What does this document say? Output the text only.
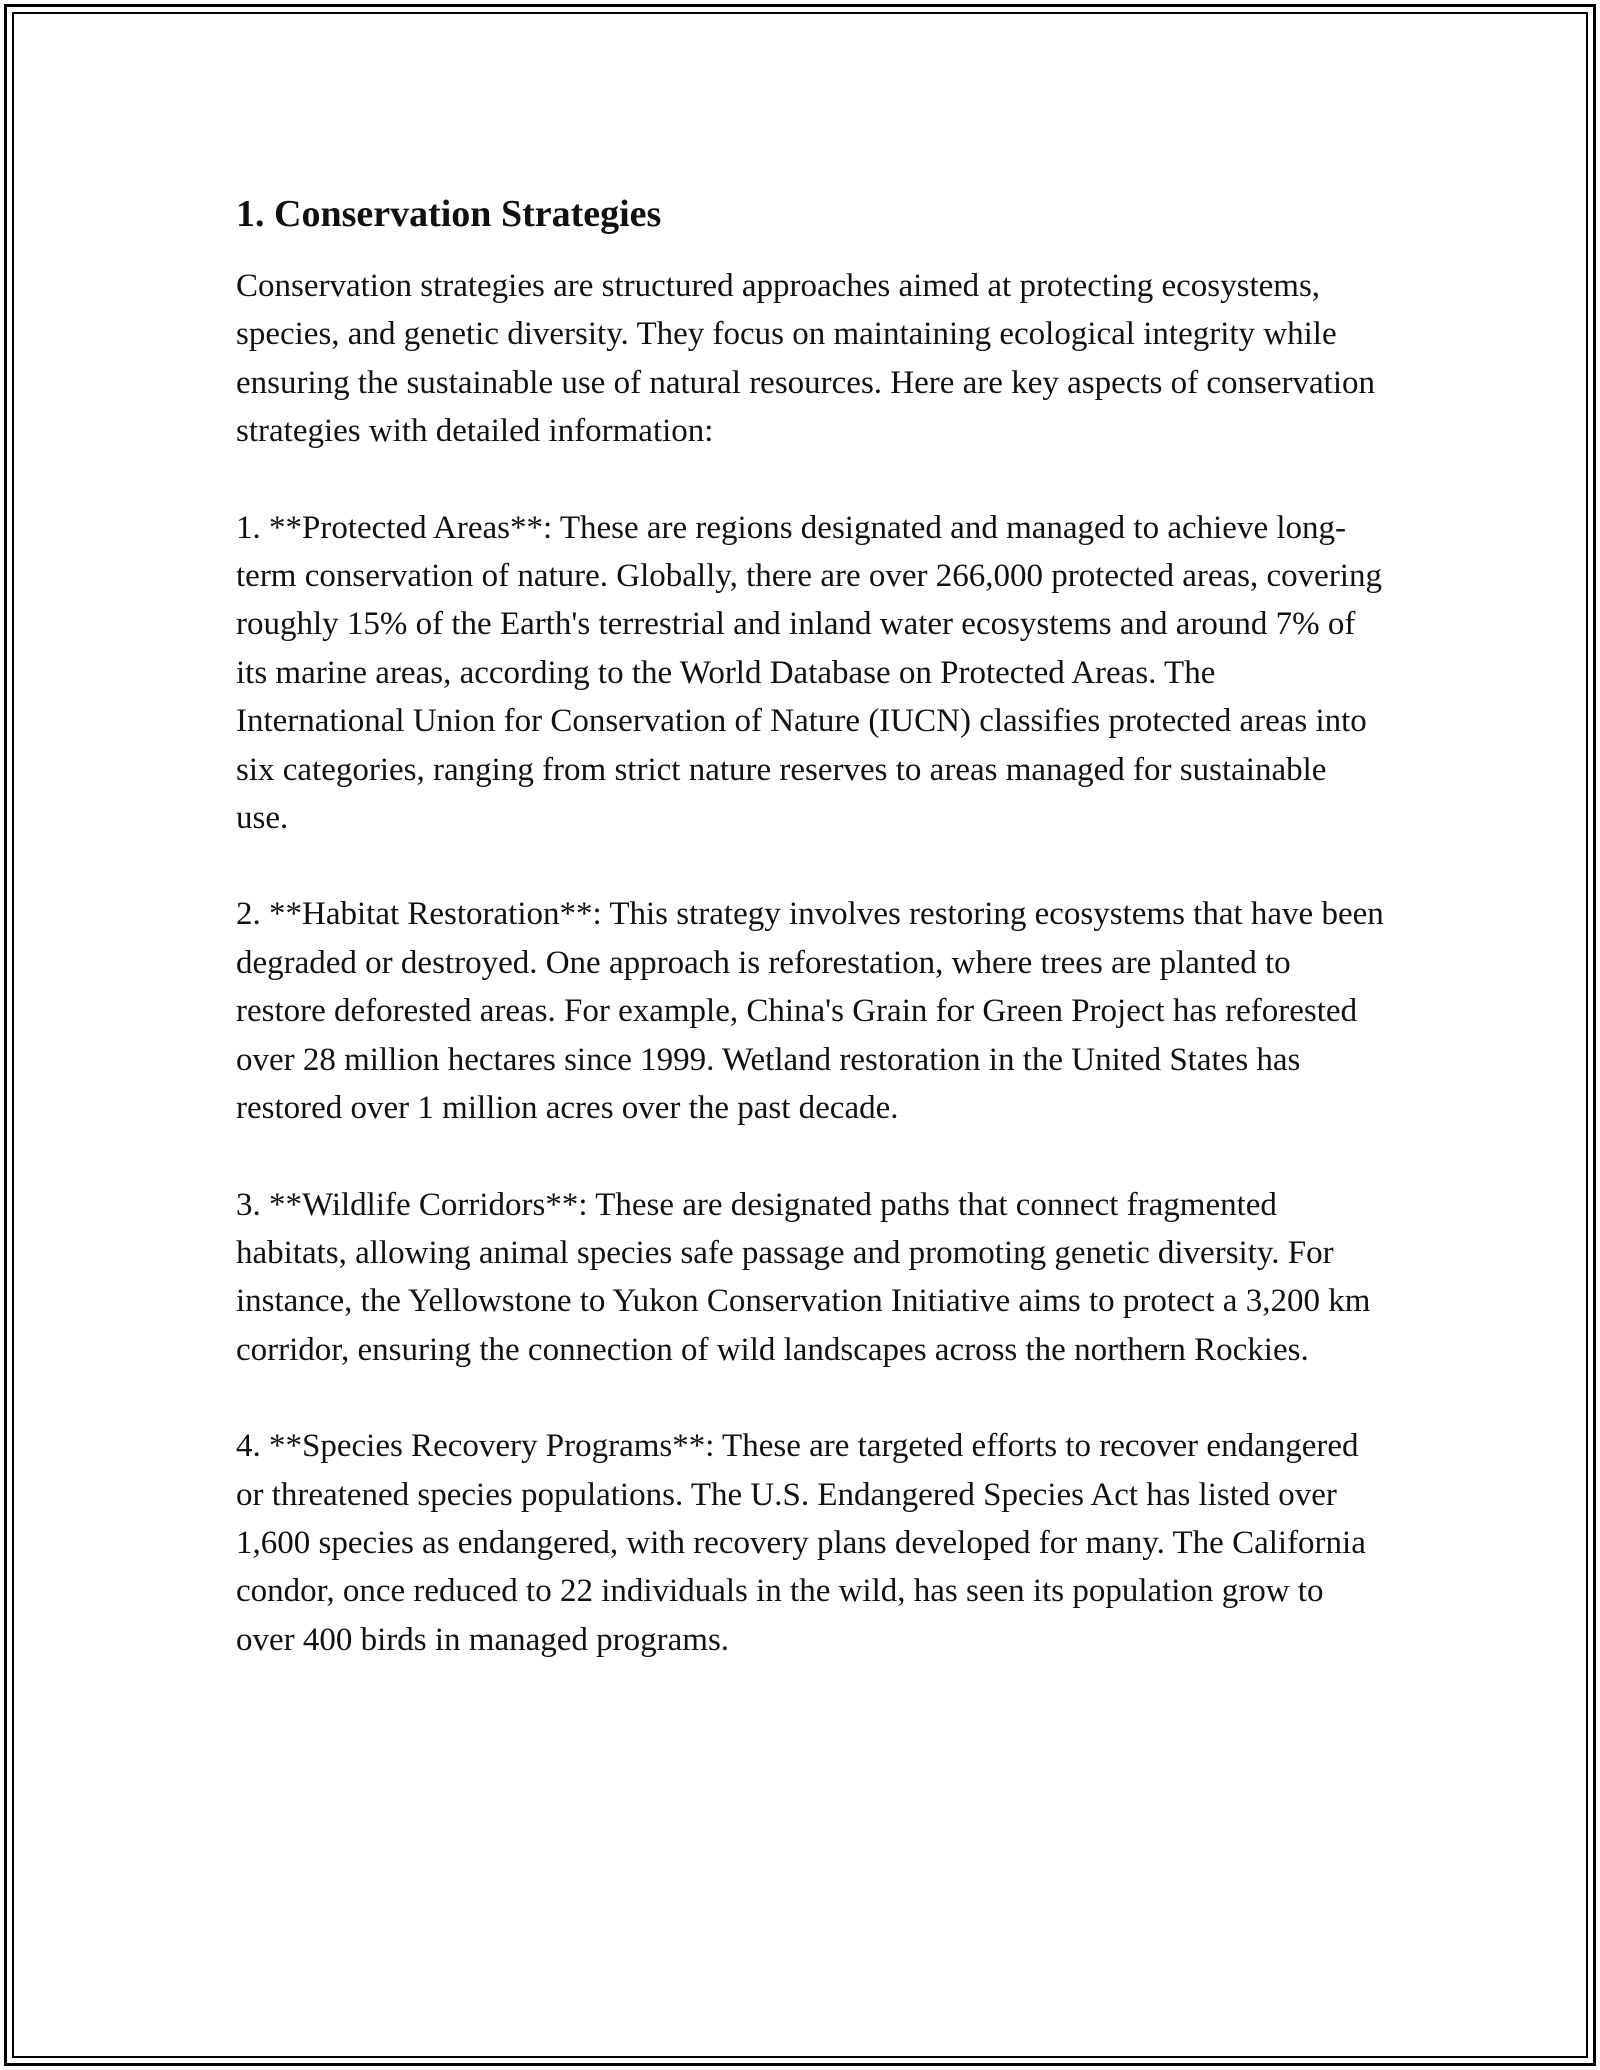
1. Conservation Strategies

Conservation strategies are structured approaches aimed at protecting ecosystems, species, and genetic diversity. They focus on maintaining ecological integrity while ensuring the sustainable use of natural resources. Here are key aspects of conservation strategies with detailed information:

1. **Protected Areas**: These are regions designated and managed to achieve long-term conservation of nature. Globally, there are over 266,000 protected areas, covering roughly 15% of the Earth's terrestrial and inland water ecosystems and around 7% of its marine areas, according to the World Database on Protected Areas. The International Union for Conservation of Nature (IUCN) classifies protected areas into six categories, ranging from strict nature reserves to areas managed for sustainable use.

2. **Habitat Restoration**: This strategy involves restoring ecosystems that have been degraded or destroyed. One approach is reforestation, where trees are planted to restore deforested areas. For example, China's Grain for Green Project has reforested over 28 million hectares since 1999. Wetland restoration in the United States has restored over 1 million acres over the past decade.

3. **Wildlife Corridors**: These are designated paths that connect fragmented habitats, allowing animal species safe passage and promoting genetic diversity. For instance, the Yellowstone to Yukon Conservation Initiative aims to protect a 3,200 km corridor, ensuring the connection of wild landscapes across the northern Rockies.

4. **Species Recovery Programs**: These are targeted efforts to recover endangered or threatened species populations. The U.S. Endangered Species Act has listed over 1,600 species as endangered, with recovery plans developed for many. The California condor, once reduced to 22 individuals in the wild, has seen its population grow to over 400 birds in managed programs.
